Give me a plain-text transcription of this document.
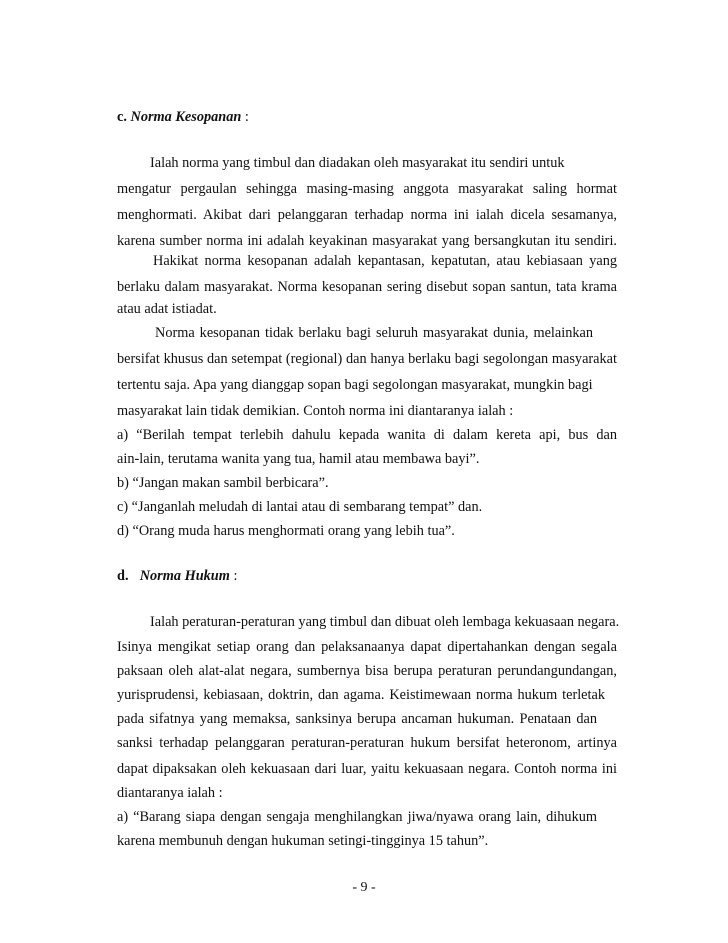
c. Norma Kesopanan :
Ialah norma yang timbul dan diadakan oleh masyarakat itu sendiri untuk
mengatur pergaulan sehingga masing-masing anggota masyarakat saling hormat
menghormati. Akibat dari pelanggaran terhadap norma ini ialah dicela sesamanya,
karena sumber norma ini adalah keyakinan masyarakat yang bersangkutan itu sendiri.
Hakikat norma kesopanan adalah kepantasan, kepatutan, atau kebiasaan yang
berlaku dalam masyarakat. Norma kesopanan sering disebut sopan santun, tata krama
atau adat istiadat.
Norma kesopanan tidak berlaku bagi seluruh masyarakat dunia, melainkan
bersifat khusus dan setempat (regional) dan hanya berlaku bagi segolongan masyarakat
tertentu saja. Apa yang dianggap sopan bagi segolongan masyarakat, mungkin bagi
masyarakat lain tidak demikian. Contoh norma ini diantaranya ialah :
a) “Berilah tempat terlebih dahulu kepada wanita di dalam kereta api, bus dan
ain-lain, terutama wanita yang tua, hamil atau membawa bayi”.
b) “Jangan makan sambil berbicara”.
c) “Janganlah meludah di lantai atau di sembarang tempat” dan.
d) “Orang muda harus menghormati orang yang lebih tua”.
d. Norma Hukum :
Ialah peraturan-peraturan yang timbul dan dibuat oleh lembaga kekuasaan negara.
Isinya mengikat setiap orang dan pelaksanaanya dapat dipertahankan dengan segala
paksaan oleh alat-alat negara, sumbernya bisa berupa peraturan perundangundangan,
yurisprudensi, kebiasaan, doktrin, dan agama. Keistimewaan norma hukum terletak
pada sifatnya yang memaksa, sanksinya berupa ancaman hukuman. Penataan dan
sanksi terhadap pelanggaran peraturan-peraturan hukum bersifat heteronom, artinya
dapat dipaksakan oleh kekuasaan dari luar, yaitu kekuasaan negara. Contoh norma ini
diantaranya ialah :
a) “Barang siapa dengan sengaja menghilangkan jiwa/nyawa orang lain, dihukum
karena membunuh dengan hukuman setingi-tingginya 15 tahun”.
- 9 -
